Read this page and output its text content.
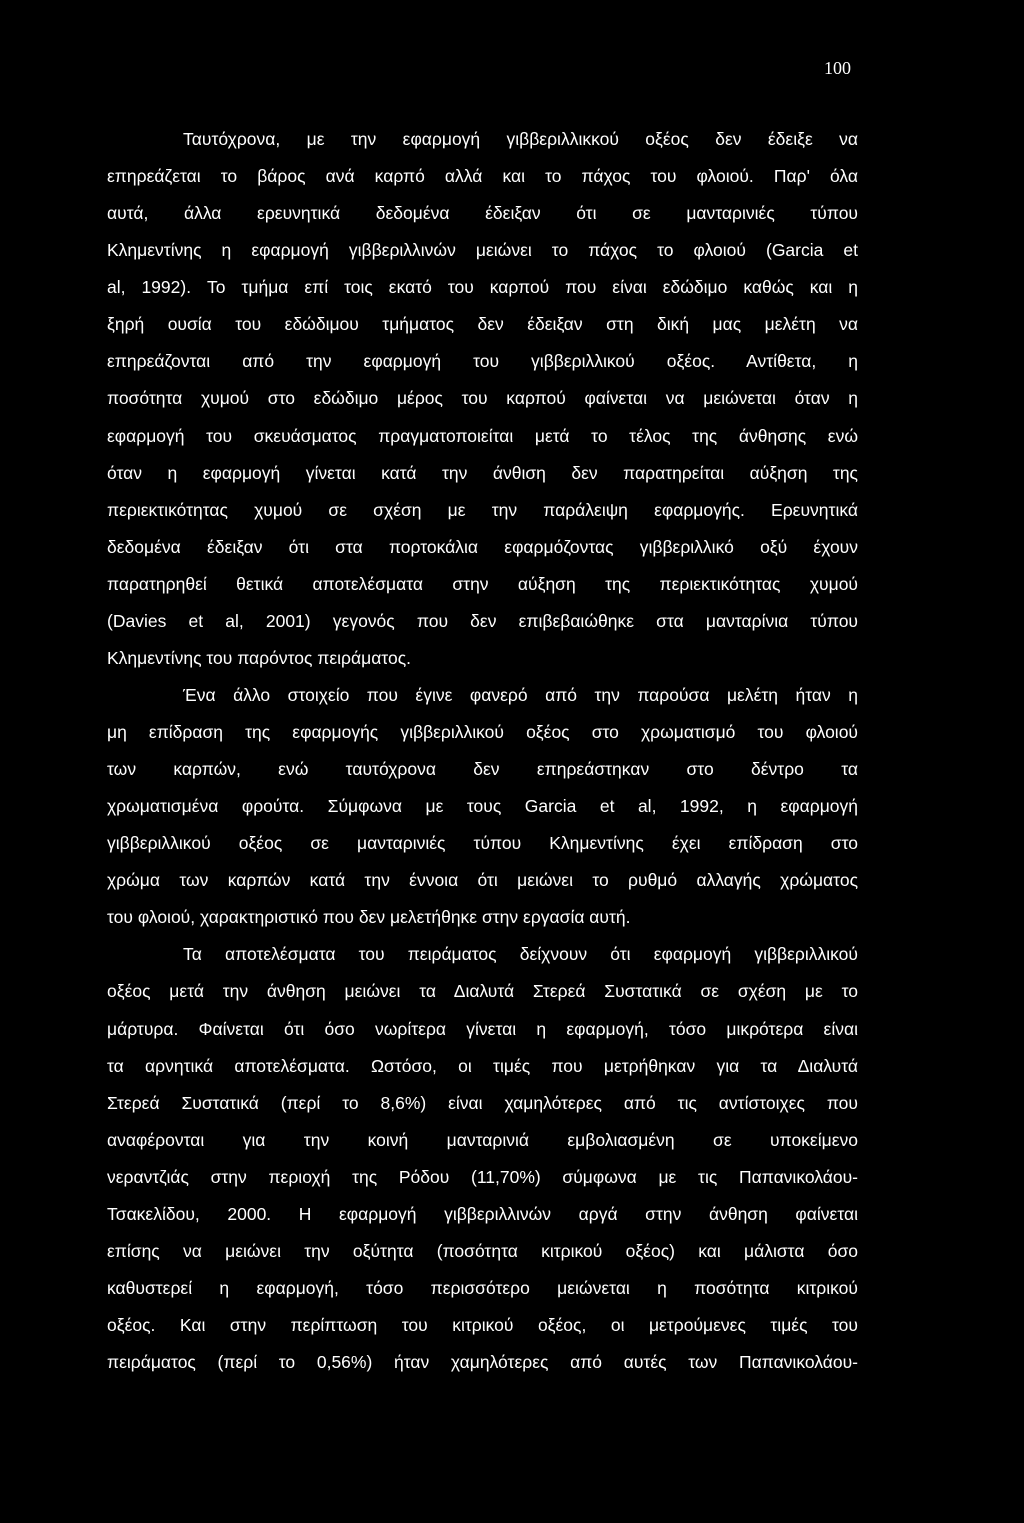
100
Ταυτόχρονα, με την εφαρμογή γιββεριλλικκού οξέος δεν έδειξε να
επηρεάζεται το βάρος ανά καρπό αλλά και το πάχος του φλοιού. Παρ' όλα
αυτά, άλλα ερευνητικά δεδομένα έδειξαν ότι σε μανταρινιές τύπου
Κλημεντίνης η εφαρμογή γιββεριλλινών μειώνει το πάχος το φλοιού (Garcia et
al, 1992). Το τμήμα επί τοις εκατό του καρπού που είναι εδώδιμο καθώς και η
ξηρή ουσία του εδώδιμου τμήματος δεν έδειξαν στη δική μας μελέτη να
επηρεάζονται από την εφαρμογή του γιββεριλλικού οξέος. Αντίθετα, η
ποσότητα χυμού στο εδώδιμο μέρος του καρπού φαίνεται να μειώνεται όταν η
εφαρμογή του σκευάσματος πραγματοποιείται μετά το τέλος της άνθησης ενώ
όταν η εφαρμογή γίνεται κατά την άνθιση δεν παρατηρείται αύξηση της
περιεκτικότητας χυμού σε σχέση με την παράλειψη εφαρμογής. Ερευνητικά
δεδομένα έδειξαν ότι στα πορτοκάλια εφαρμόζοντας γιββεριλλικό οξύ έχουν
παρατηρηθεί θετικά αποτελέσματα στην αύξηση της περιεκτικότητας χυμού
(Davies et al, 2001) γεγονός που δεν επιβεβαιώθηκε στα μανταρίνια τύπου
Κλημεντίνης του παρόντος πειράματος.
Ένα άλλο στοιχείο που έγινε φανερό από την παρούσα μελέτη ήταν η
μη επίδραση της εφαρμογής γιββεριλλικού οξέος στο χρωματισμό του φλοιού
των καρπών, ενώ ταυτόχρονα δεν επηρεάστηκαν στο δέντρο τα
χρωματισμένα φρούτα. Σύμφωνα με τους Garcia et al, 1992, η εφαρμογή
γιββεριλλικού οξέος σε μανταρινιές τύπου Κλημεντίνης έχει επίδραση στο
χρώμα των καρπών κατά την έννοια ότι μειώνει το ρυθμό αλλαγής χρώματος
του φλοιού, χαρακτηριστικό που δεν μελετήθηκε στην εργασία αυτή.
Τα αποτελέσματα του πειράματος δείχνουν ότι εφαρμογή γιββεριλλικού
οξέος μετά την άνθηση μειώνει τα Διαλυτά Στερεά Συστατικά σε σχέση με το
μάρτυρα. Φαίνεται ότι όσο νωρίτερα γίνεται η εφαρμογή, τόσο μικρότερα είναι
τα αρνητικά αποτελέσματα. Ωστόσο, οι τιμές που μετρήθηκαν για τα Διαλυτά
Στερεά Συστατικά (περί το 8,6%) είναι χαμηλότερες από τις αντίστοιχες που
αναφέρονται για την κοινή μανταρινιά εμβολιασμένη σε υποκείμενο
νεραντζιάς στην περιοχή της Ρόδου (11,70%) σύμφωνα με τις Παπανικολάου-
Τσακελίδου, 2000. Η εφαρμογή γιββεριλλινών αργά στην άνθηση φαίνεται
επίσης να μειώνει την οξύτητα (ποσότητα κιτρικού οξέος) και μάλιστα όσο
καθυστερεί η εφαρμογή, τόσο περισσότερο μειώνεται η ποσότητα κιτρικού
οξέος. Και στην περίπτωση του κιτρικού οξέος, οι μετρούμενες τιμές του
πειράματος (περί το 0,56%) ήταν χαμηλότερες από αυτές των Παπανικολάου-
